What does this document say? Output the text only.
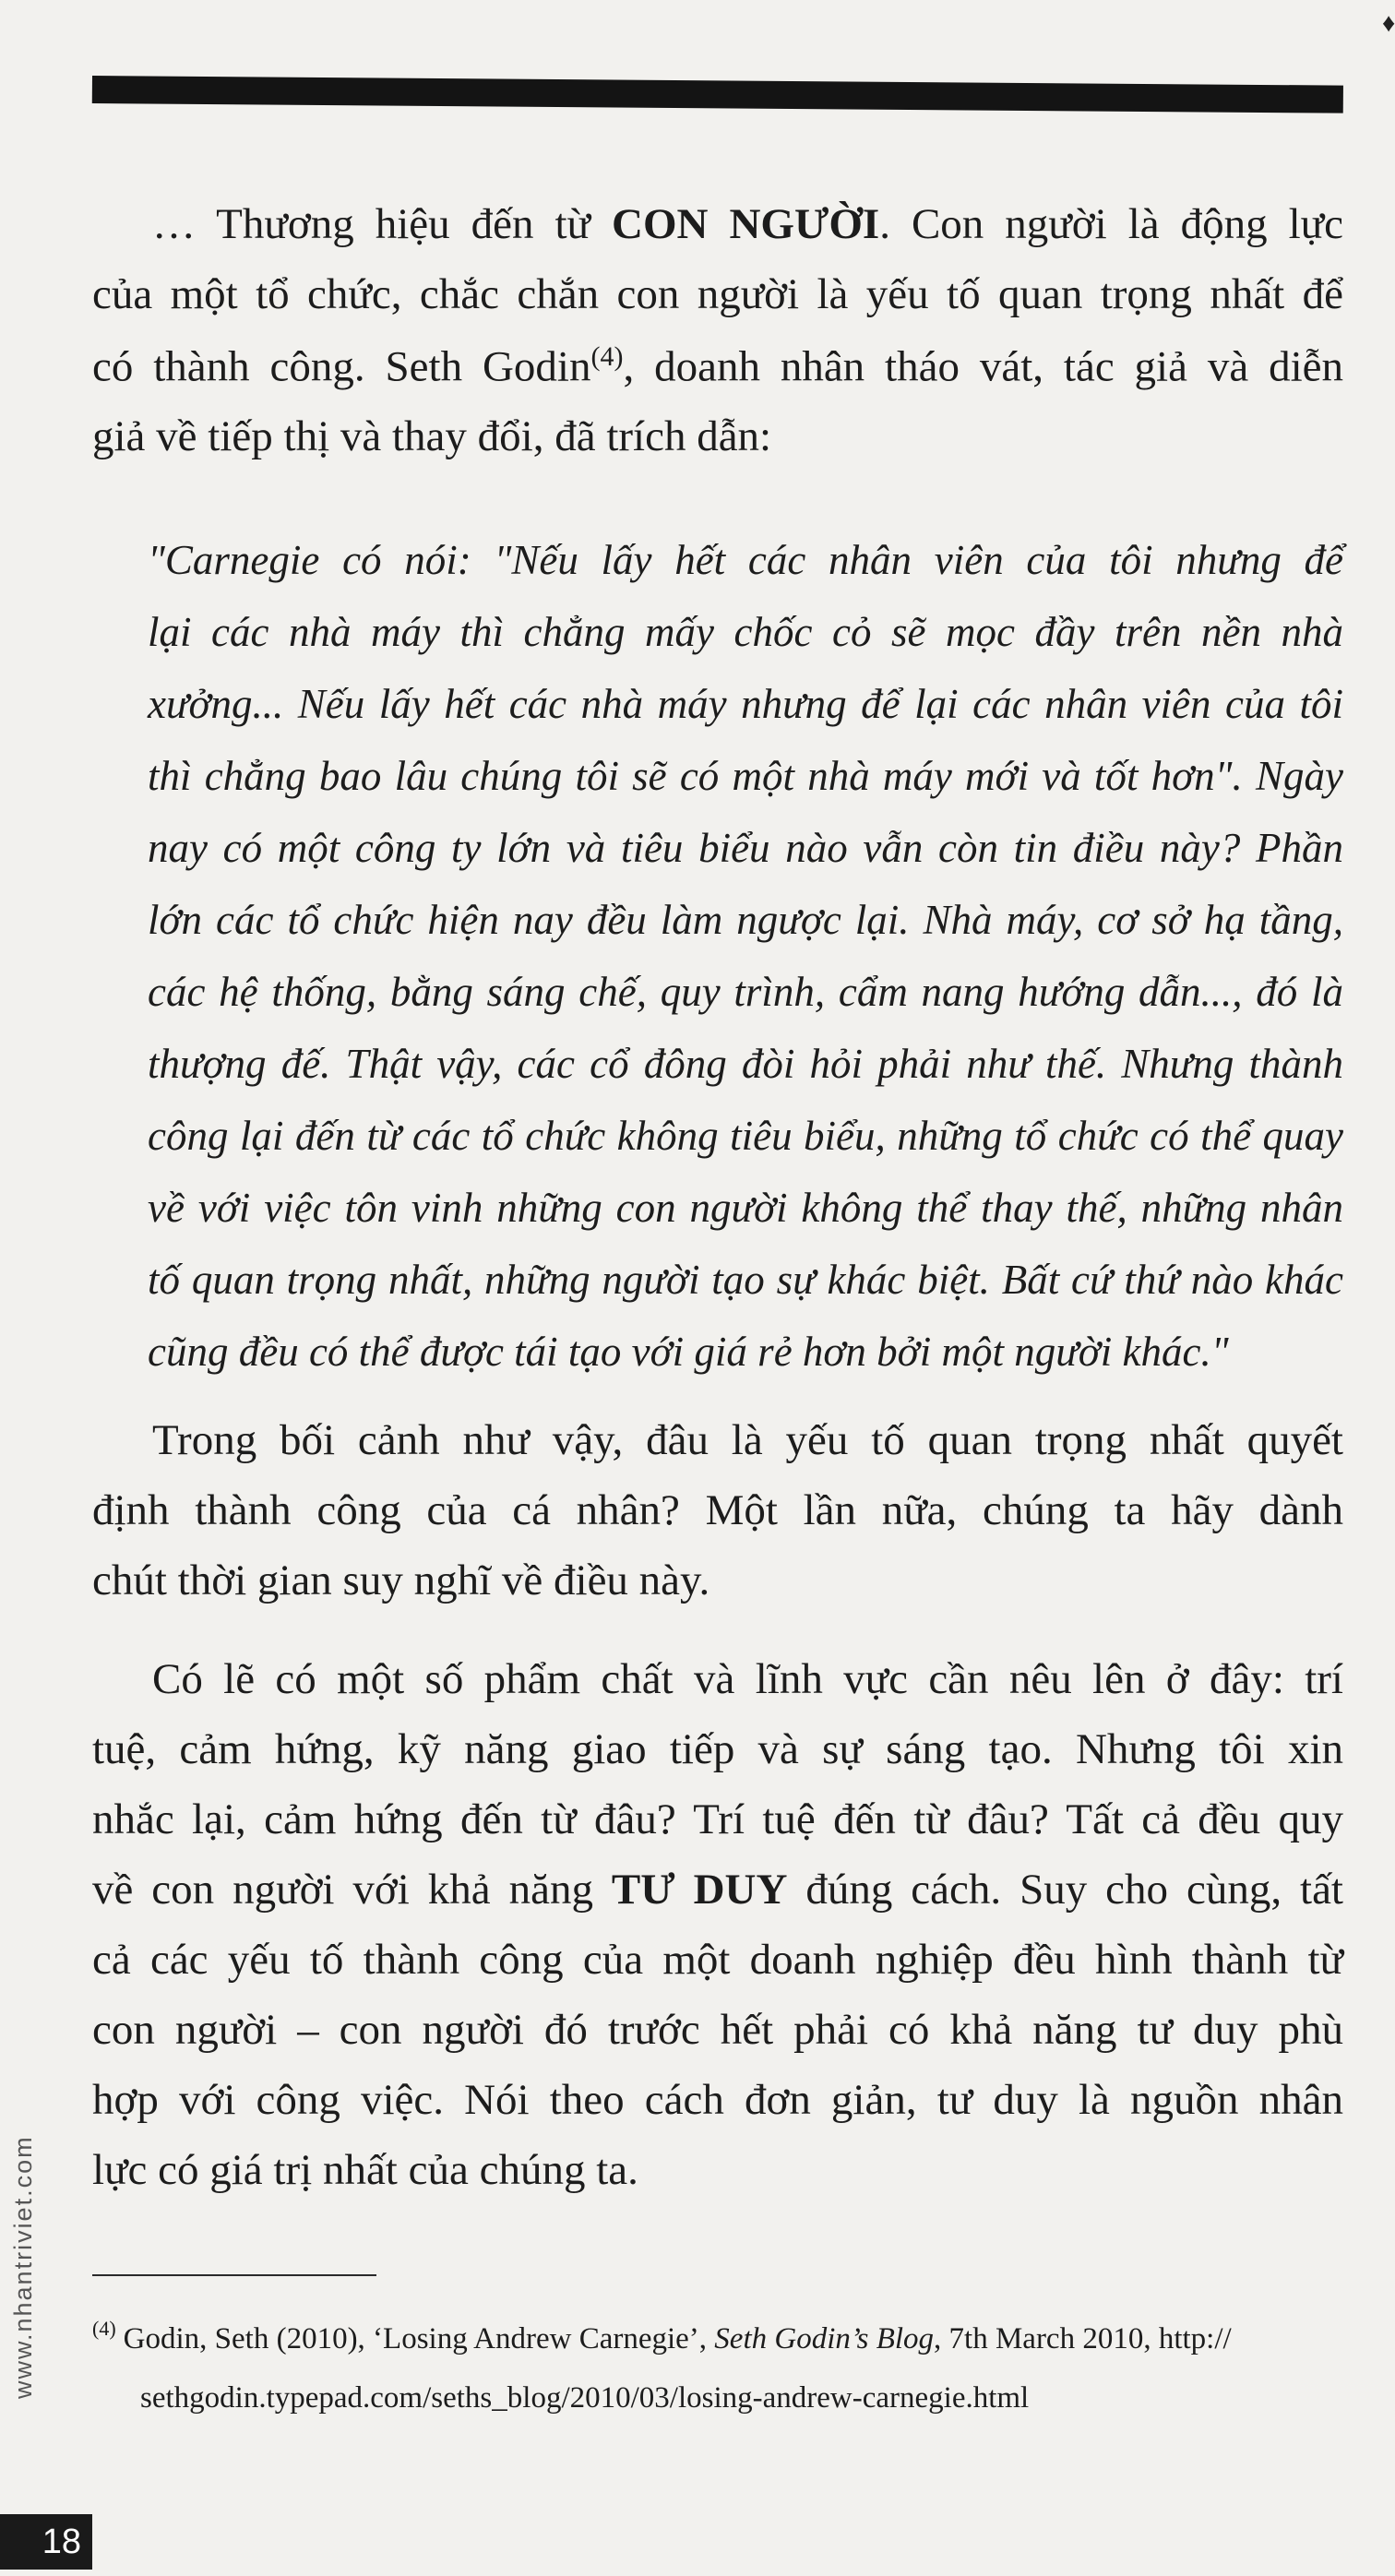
♦
… Thương hiệu đến từ CON NGƯỜI. Con người là động lực
của một tổ chức, chắc chắn con người là yếu tố quan trọng nhất để
có thành công. Seth Godin$^{(4)}$, doanh nhân tháo vát, tác giả và diễn
giả về tiếp thị và thay đổi, đã trích dẫn:
"Carnegie có nói: "Nếu lấy hết các nhân viên của tôi nhưng để
lại các nhà máy thì chẳng mấy chốc cỏ sẽ mọc đầy trên nền nhà
xưởng... Nếu lấy hết các nhà máy nhưng để lại các nhân viên của tôi
thì chẳng bao lâu chúng tôi sẽ có một nhà máy mới và tốt hơn". Ngày
nay có một công ty lớn và tiêu biểu nào vẫn còn tin điều này? Phần
lớn các tổ chức hiện nay đều làm ngược lại. Nhà máy, cơ sở hạ tầng,
các hệ thống, bằng sáng chế, quy trình, cẩm nang hướng dẫn..., đó là
thượng đế. Thật vậy, các cổ đông đòi hỏi phải như thế. Nhưng thành
công lại đến từ các tổ chức không tiêu biểu, những tổ chức có thể quay
về với việc tôn vinh những con người không thể thay thế, những nhân
tố quan trọng nhất, những người tạo sự khác biệt. Bất cứ thứ nào khác
cũng đều có thể được tái tạo với giá rẻ hơn bởi một người khác."
Trong bối cảnh như vậy, đâu là yếu tố quan trọng nhất quyết
định thành công của cá nhân? Một lần nữa, chúng ta hãy dành
chút thời gian suy nghĩ về điều này.
Có lẽ có một số phẩm chất và lĩnh vực cần nêu lên ở đây: trí
tuệ, cảm hứng, kỹ năng giao tiếp và sự sáng tạo. Nhưng tôi xin
nhắc lại, cảm hứng đến từ đâu? Trí tuệ đến từ đâu? Tất cả đều quy
về con người với khả năng TƯ DUY đúng cách. Suy cho cùng, tất
cả các yếu tố thành công của một doanh nghiệp đều hình thành từ
con người – con người đó trước hết phải có khả năng tư duy phù
hợp với công việc. Nói theo cách đơn giản, tư duy là nguồn nhân
lực có giá trị nhất của chúng ta.
$^{(4)}$ Godin, Seth (2010), ‘Losing Andrew Carnegie’, Seth Godin’s Blog, 7th March 2010, http://
sethgodin.typepad.com/seths_blog/2010/03/losing-andrew-carnegie.html
www.nhantriviet.com
18
